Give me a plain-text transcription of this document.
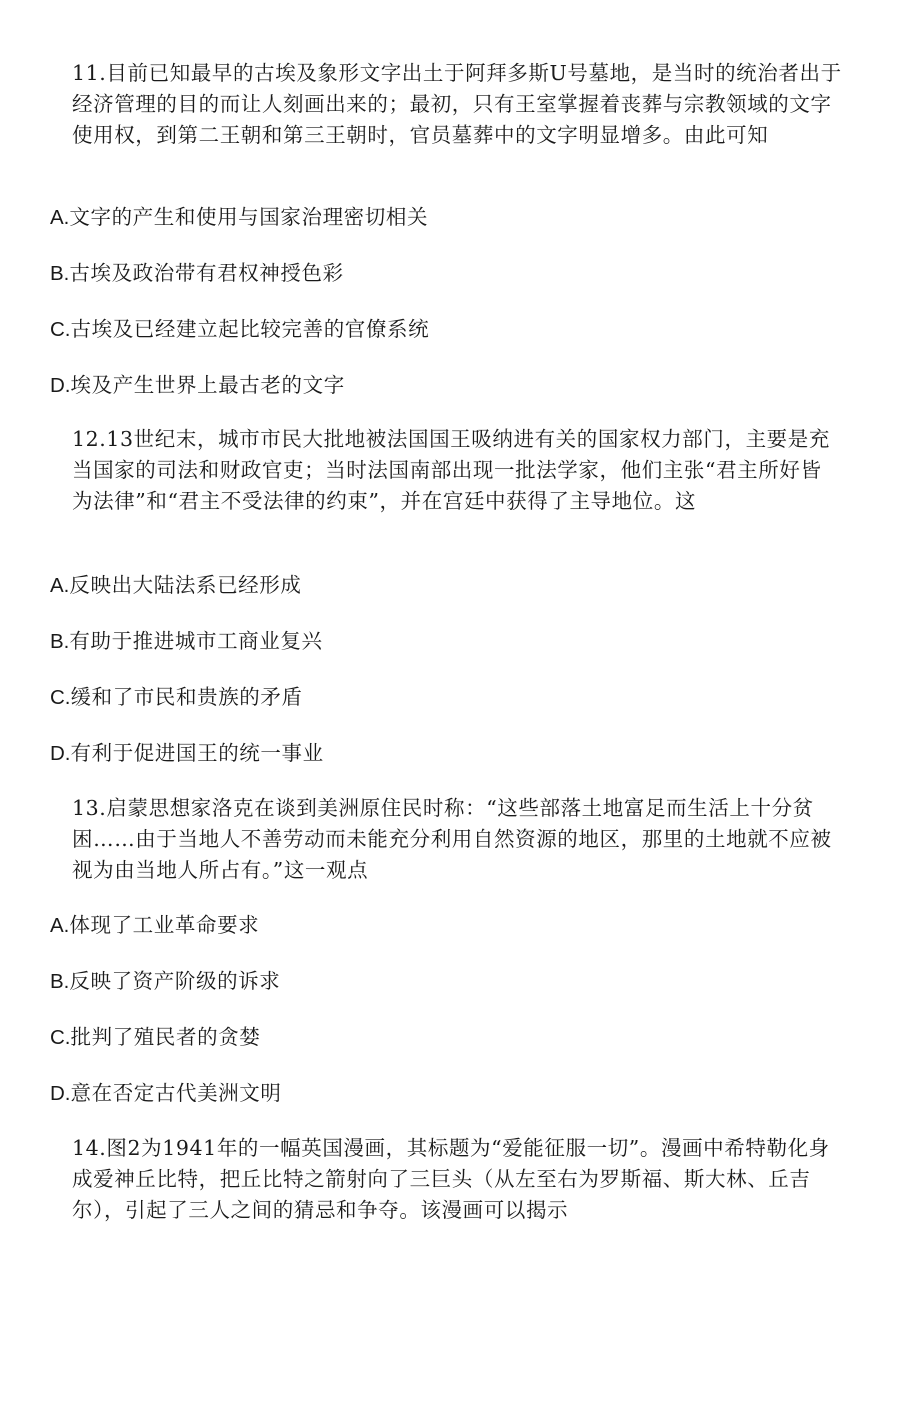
11.目前已知最早的古埃及象形文字出土于阿拜多斯U号墓地，是当时的统治者出于经济管理的目的而让人刻画出来的；最初，只有王室掌握着丧葬与宗教领域的文字使用权，到第二王朝和第三王朝时，官员墓葬中的文字明显增多。由此可知

A.文字的产生和使用与国家治理密切相关

B.古埃及政治带有君权神授色彩

C.古埃及已经建立起比较完善的官僚系统

D.埃及产生世界上最古老的文字

12.13世纪末，城市市民大批地被法国国王吸纳进有关的国家权力部门，主要是充当国家的司法和财政官吏；当时法国南部出现一批法学家，他们主张“君主所好皆为法律”和“君主不受法律的约束”，并在宫廷中获得了主导地位。这

A.反映出大陆法系已经形成

B.有助于推进城市工商业复兴

C.缓和了市民和贵族的矛盾

D.有利于促进国王的统一事业

13.启蒙思想家洛克在谈到美洲原住民时称：“这些部落土地富足而生活上十分贫困……由于当地人不善劳动而未能充分利用自然资源的地区，那里的土地就不应被视为由当地人所占有。”这一观点

A.体现了工业革命要求

B.反映了资产阶级的诉求

C.批判了殖民者的贪婪

D.意在否定古代美洲文明

14.图2为1941年的一幅英国漫画，其标题为“爱能征服一切”。漫画中希特勒化身成爱神丘比特，把丘比特之箭射向了三巨头（从左至右为罗斯福、斯大林、丘吉尔），引起了三人之间的猜忌和争夺。该漫画可以揭示
